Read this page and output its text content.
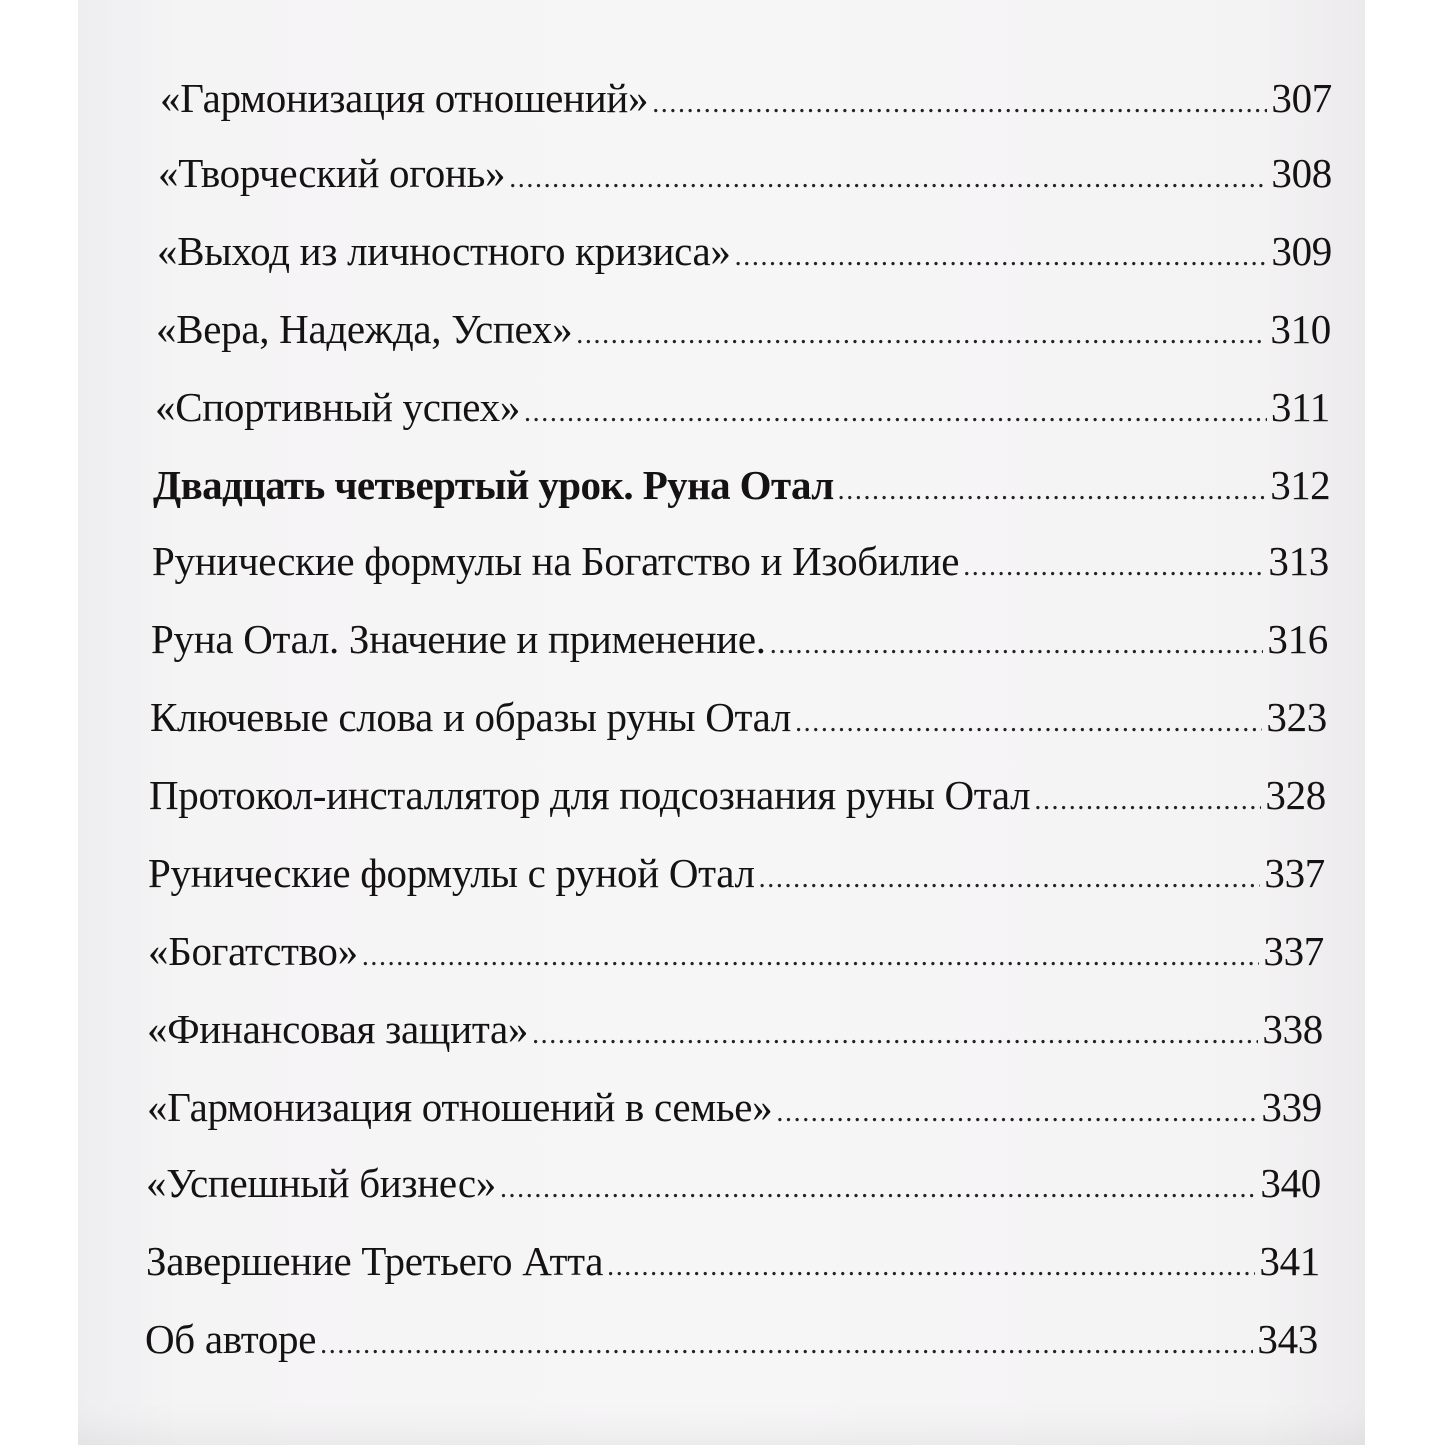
«Гармонизация отношений» .....	307
«Творческий огонь» .....	308
«Выход из личностного кризиса» .....	309
«Вера, Надежда, Успех» .....	310
«Спортивный успех» .....	311
Двадцать четвертый урок. Руна Отал .....	312
Рунические формулы на Богатство и Изобилие .....	313
Руна Отал. Значение и применение. .....	316
Ключевые слова и образы руны Отал .....	323
Протокол-инсталлятор для подсознания руны Отал .....	328
Рунические формулы с руной Отал .....	337
«Богатство» .....	337
«Финансовая защита» .....	338
«Гармонизация отношений в семье» .....	339
«Успешный бизнес» .....	340
Завершение Третьего Атта .....	341
Об авторе .....	343
